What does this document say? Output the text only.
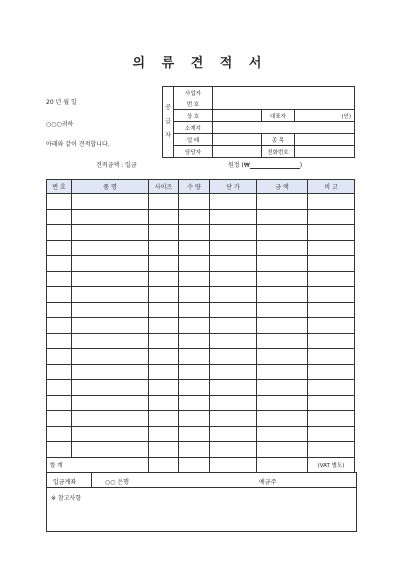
의 류 견 적 서
20 년 월 일
○○○귀하
아래와 같이 견적합니다.
공
급
자	사업자			
	번 호			
	상 호		대표자	(인)
	소재지			
	업 태		종 목	
	담당자		전화번호	
견적금액 : 일금	원정 (₩	)
번 호	품 명	사이즈	수 량	단 가	금 액	비 고

합 계						(VAT 별도)
입금계좌	○○ 은행	예금주
※ 참고사항
